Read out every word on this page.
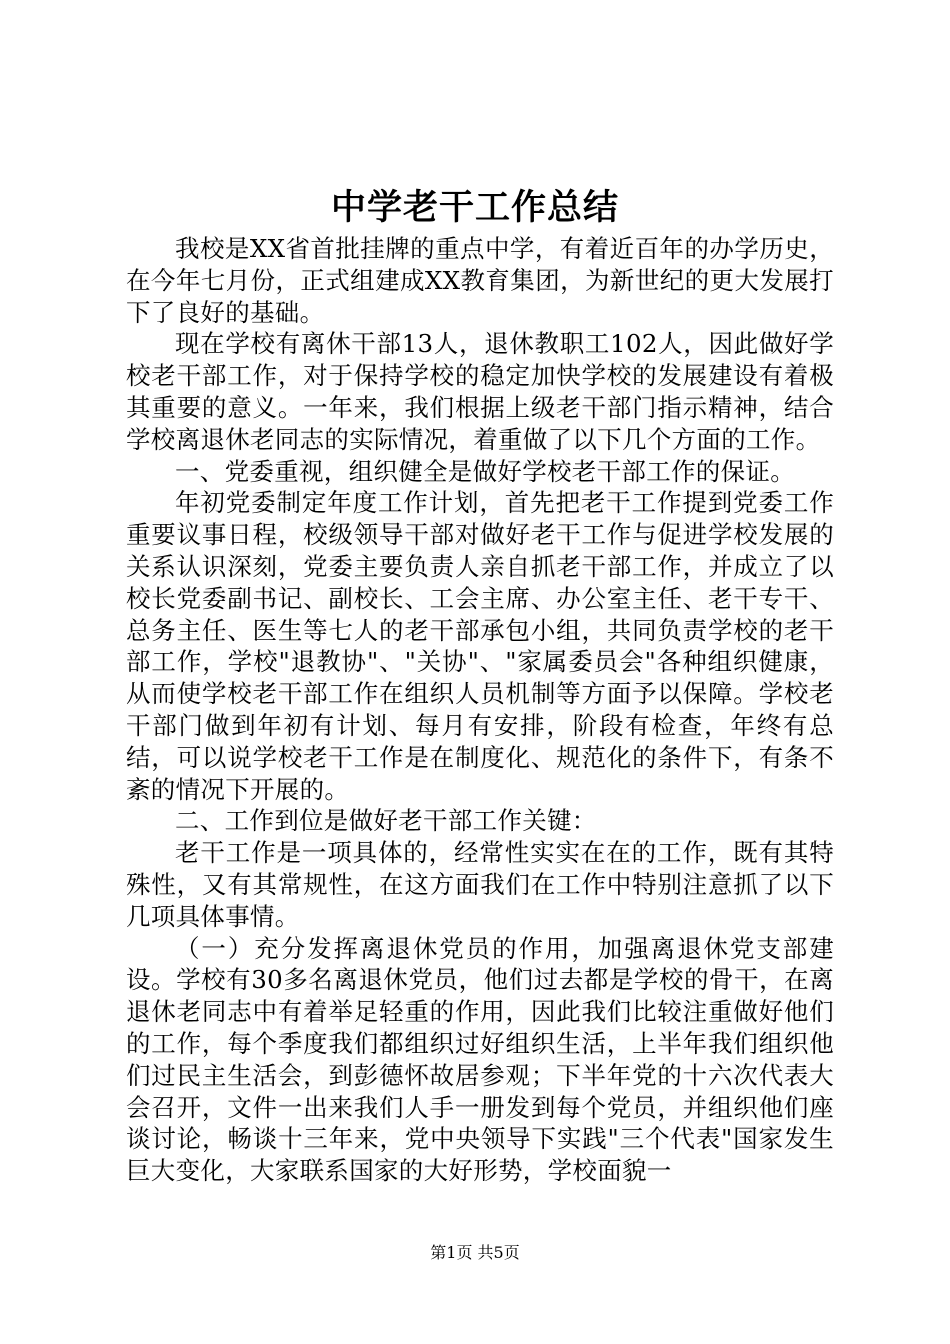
中学老干工作总结

我校是XX省首批挂牌的重点中学，有着近百年的办学历史，在今年七月份，正式组建成XX教育集团，为新世纪的更大发展打下了良好的基础。

现在学校有离休干部13人，退休教职工102人，因此做好学校老干部工作，对于保持学校的稳定加快学校的发展建设有着极其重要的意义。一年来，我们根据上级老干部门指示精神，结合学校离退休老同志的实际情况，着重做了以下几个方面的工作。

一、党委重视，组织健全是做好学校老干部工作的保证。

年初党委制定年度工作计划，首先把老干工作提到党委工作重要议事日程，校级领导干部对做好老干工作与促进学校发展的关系认识深刻，党委主要负责人亲自抓老干部工作，并成立了以校长党委副书记、副校长、工会主席、办公室主任、老干专干、总务主任、医生等七人的老干部承包小组，共同负责学校的老干部工作，学校"退教协"、"关协"、"家属委员会"各种组织健康，从而使学校老干部工作在组织人员机制等方面予以保障。学校老干部门做到年初有计划、每月有安排，阶段有检查，年终有总结，可以说学校老干工作是在制度化、规范化的条件下，有条不紊的情况下开展的。

二、工作到位是做好老干部工作关键：

老干工作是一项具体的，经常性实实在在的工作，既有其特殊性，又有其常规性，在这方面我们在工作中特别注意抓了以下几项具体事情。

（一）充分发挥离退休党员的作用，加强离退休党支部建设。学校有30多名离退休党员，他们过去都是学校的骨干，在离退休老同志中有着举足轻重的作用，因此我们比较注重做好他们的工作，每个季度我们都组织过好组织生活，上半年我们组织他们过民主生活会，到彭德怀故居参观；下半年党的十六次代表大会召开，文件一出来我们人手一册发到每个党员，并组织他们座谈讨论，畅谈十三年来，党中央领导下实践"三个代表"国家发生巨大变化，大家联系国家的大好形势，学校面貌一

第1页 共5页
